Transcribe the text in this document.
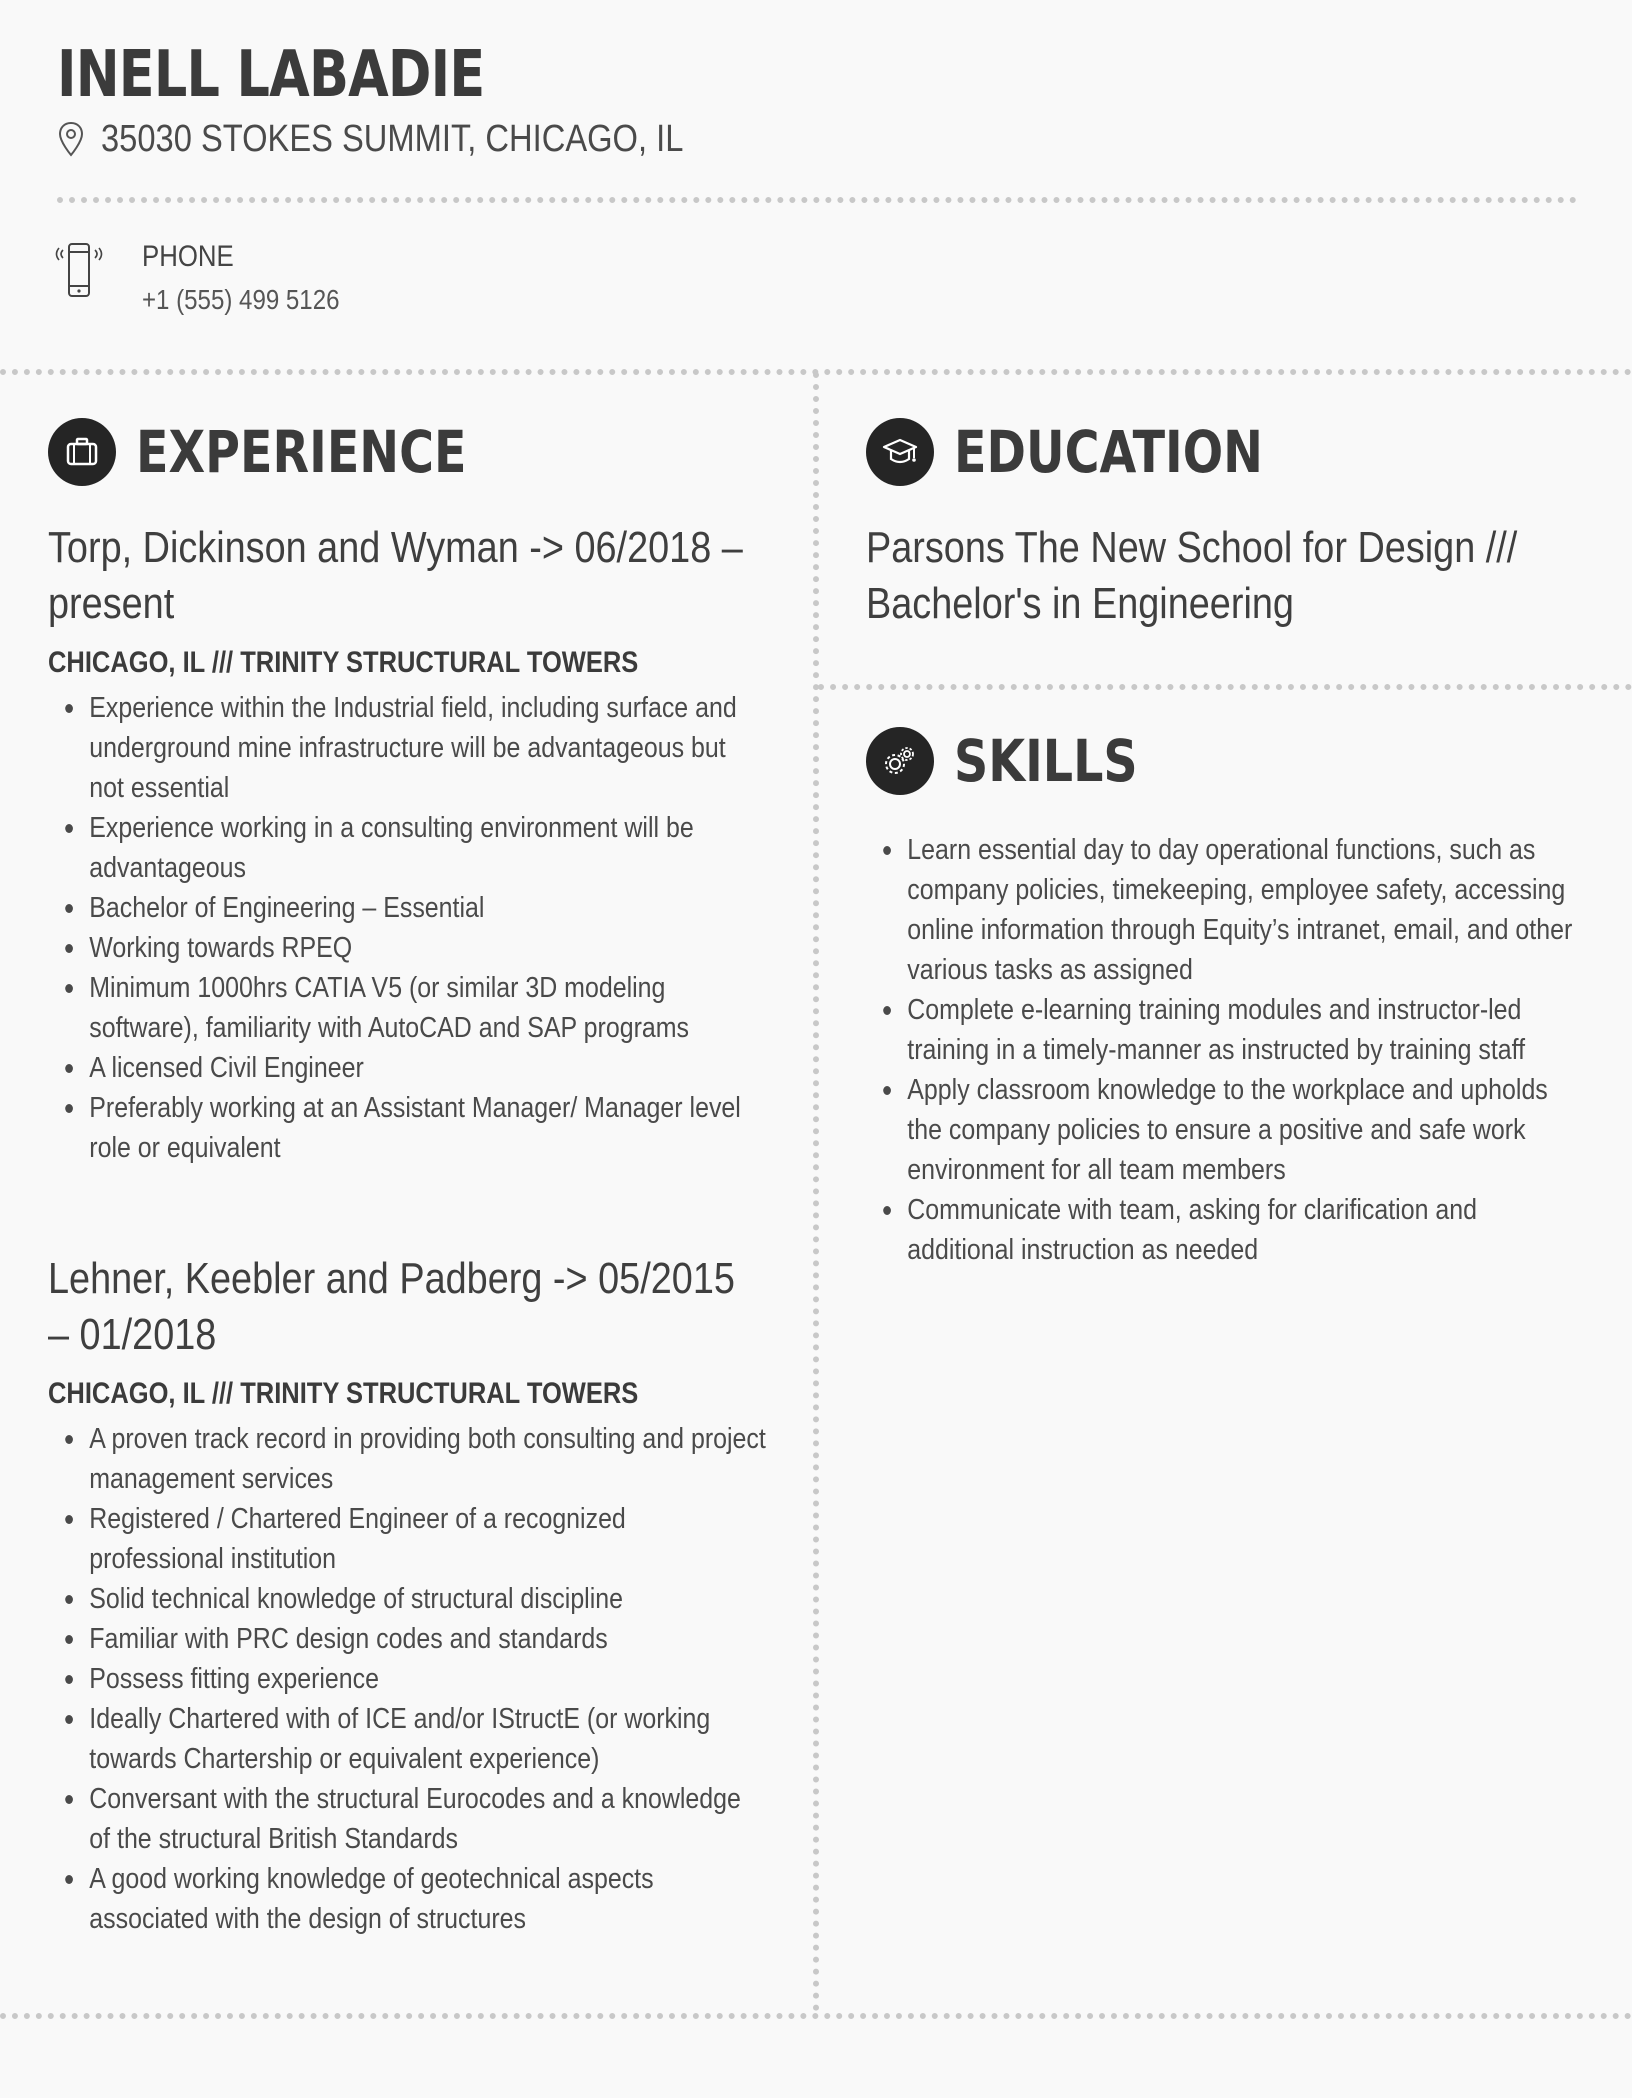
INELL LABADIE
35030 STOKES SUMMIT, CHICAGO, IL
PHONE
+1 (555) 499 5126
EXPERIENCE
Torp, Dickinson and Wyman -> 06/2018 – present
CHICAGO, IL /// TRINITY STRUCTURAL TOWERS
Experience within the Industrial field, including surface and underground mine infrastructure will be advantageous but not essential
Experience working in a consulting environment will be advantageous
Bachelor of Engineering – Essential
Working towards RPEQ
Minimum 1000hrs CATIA V5 (or similar 3D modeling software), familiarity with AutoCAD and SAP programs
A licensed Civil Engineer
Preferably working at an Assistant Manager/ Manager level role or equivalent
Lehner, Keebler and Padberg -> 05/2015 – 01/2018
CHICAGO, IL /// TRINITY STRUCTURAL TOWERS
A proven track record in providing both consulting and project management services
Registered / Chartered Engineer of a recognized professional institution
Solid technical knowledge of structural discipline
Familiar with PRC design codes and standards
Possess fitting experience
Ideally Chartered with of ICE and/or IStructE (or working towards Chartership or equivalent experience)
Conversant with the structural Eurocodes and a knowledge of the structural British Standards
A good working knowledge of geotechnical aspects associated with the design of structures
EDUCATION
Parsons The New School for Design /// Bachelor's in Engineering
SKILLS
Learn essential day to day operational functions, such as company policies, timekeeping, employee safety, accessing online information through Equity’s intranet, email, and other various tasks as assigned
Complete e-learning training modules and instructor-led training in a timely-manner as instructed by training staff
Apply classroom knowledge to the workplace and upholds the company policies to ensure a positive and safe work environment for all team members
Communicate with team, asking for clarification and additional instruction as needed
